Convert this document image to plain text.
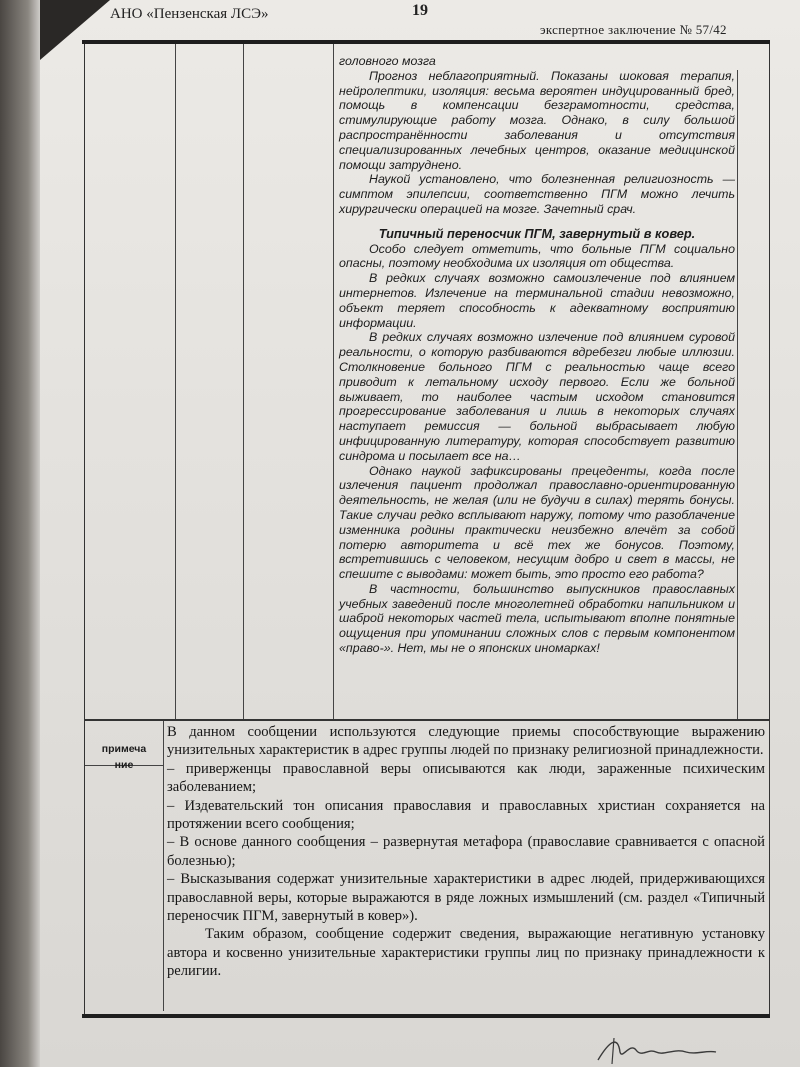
АНО «Пензенская ЛСЭ»	19
экспертное заключение № 57/42

головного мозга

Прогноз неблагоприятный. Показаны шоковая терапия, нейролептики, изоляция: весьма вероятен индуцированный бред, помощь в компенсации безграмотности, средства, стимулирующие работу мозга. Однако, в силу большой распространённости заболевания и отсутствия специализированных лечебных центров, оказание медицинской помощи затруднено.

Наукой установлено, что болезненная религиозность — симптом эпилепсии, соответственно ПГМ можно лечить хирургически операцией на мозге. Зачетный срач.

Типичный переносчик ПГМ, завернутый в ковер.

Особо следует отметить, что больные ПГМ социально опасны, поэтому необходима их изоляция от общества.

В редких случаях возможно самоизлечение под влиянием интернетов. Излечение на терминальной стадии невозможно, объект теряет способность к адекватному восприятию информации.

В редких случаях возможно излечение под влиянием суровой реальности, о которую разбиваются вдребезги любые иллюзии. Столкновение больного ПГМ с реальностью чаще всего приводит к летальному исходу первого. Если же больной выживает, то наиболее частым исходом становится прогрессирование заболевания и лишь в некоторых случаях наступает ремиссия — больной выбрасывает любую инфицированную литературу, которая способствует развитию синдрома и посылает все на…

Однако наукой зафиксированы прецеденты, когда после излечения пациент продолжал православно-ориентированную деятельность, не желая (или не будучи в силах) терять бонусы. Такие случаи редко всплывают наружу, потому что разоблачение изменника родины практически неизбежно влечёт за собой потерю авторитета и всё тех же бонусов. Поэтому, встретившись с человеком, несущим добро и свет в массы, не спешите с выводами: может быть, это просто его работа?

В частности, большинство выпускников православных учебных заведений после многолетней обработки напильником и шаброй некоторых частей тела, испытывают вполне понятные ощущения при упоминании сложных слов с первым компонентом «право-». Нет, мы не о японских иномарках!

примеча
ние

В данном сообщении используются следующие приемы способствующие выражению унизительных характеристик в адрес группы людей по признаку религиозной принадлежности.

– приверженцы православной веры описываются как люди, зараженные психическим заболеванием;

– Издевательский тон описания православия и православных христиан сохраняется на протяжении всего сообщения;

– В основе данного сообщения – развернутая метафора (православие сравнивается с опасной болезнью);

– Высказывания содержат унизительные характеристики в адрес людей, придерживающихся православной веры, которые выражаются в ряде ложных измышлений (см. раздел «Типичный переносчик ПГМ, завернутый в ковер»).

Таким образом, сообщение содержит сведения, выражающие негативную установку автора и косвенно унизительные характеристики группы лиц по признаку принадлежности к религии.
